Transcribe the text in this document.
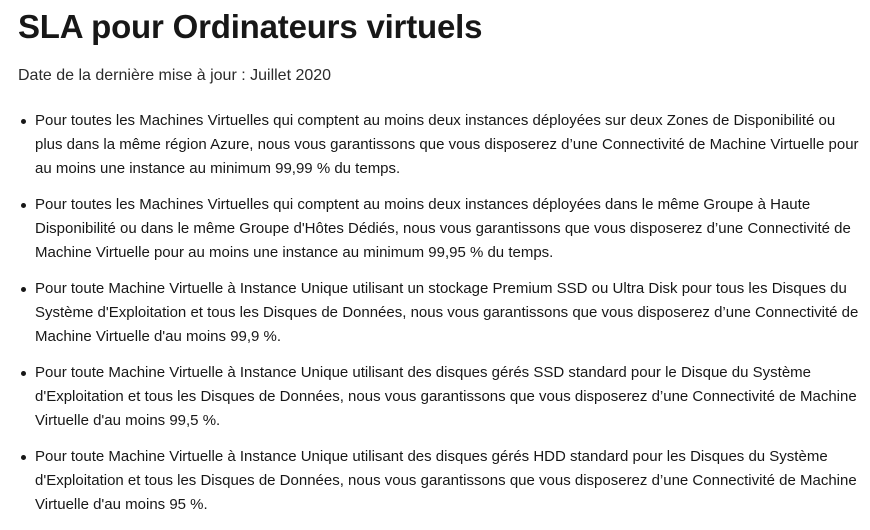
SLA pour Ordinateurs virtuels

Date de la dernière mise à jour : Juillet 2020

Pour toutes les Machines Virtuelles qui comptent au moins deux instances déployées sur deux Zones de Disponibilité ou plus dans la même région Azure, nous vous garantissons que vous disposerez d’une Connectivité de Machine Virtuelle pour au moins une instance au minimum 99,99 % du temps.
Pour toutes les Machines Virtuelles qui comptent au moins deux instances déployées dans le même Groupe à Haute Disponibilité ou dans le même Groupe d'Hôtes Dédiés, nous vous garantissons que vous disposerez d’une Connectivité de Machine Virtuelle pour au moins une instance au minimum 99,95 % du temps.
Pour toute Machine Virtuelle à Instance Unique utilisant un stockage Premium SSD ou Ultra Disk pour tous les Disques du Système d'Exploitation et tous les Disques de Données, nous vous garantissons que vous disposerez d’une Connectivité de Machine Virtuelle d'au moins 99,9 %.
Pour toute Machine Virtuelle à Instance Unique utilisant des disques gérés SSD standard pour le Disque du Système d'Exploitation et tous les Disques de Données, nous vous garantissons que vous disposerez d’une Connectivité de Machine Virtuelle d'au moins 99,5 %.
Pour toute Machine Virtuelle à Instance Unique utilisant des disques gérés HDD standard pour les Disques du Système d'Exploitation et tous les Disques de Données, nous vous garantissons que vous disposerez d’une Connectivité de Machine Virtuelle d'au moins 95 %.
